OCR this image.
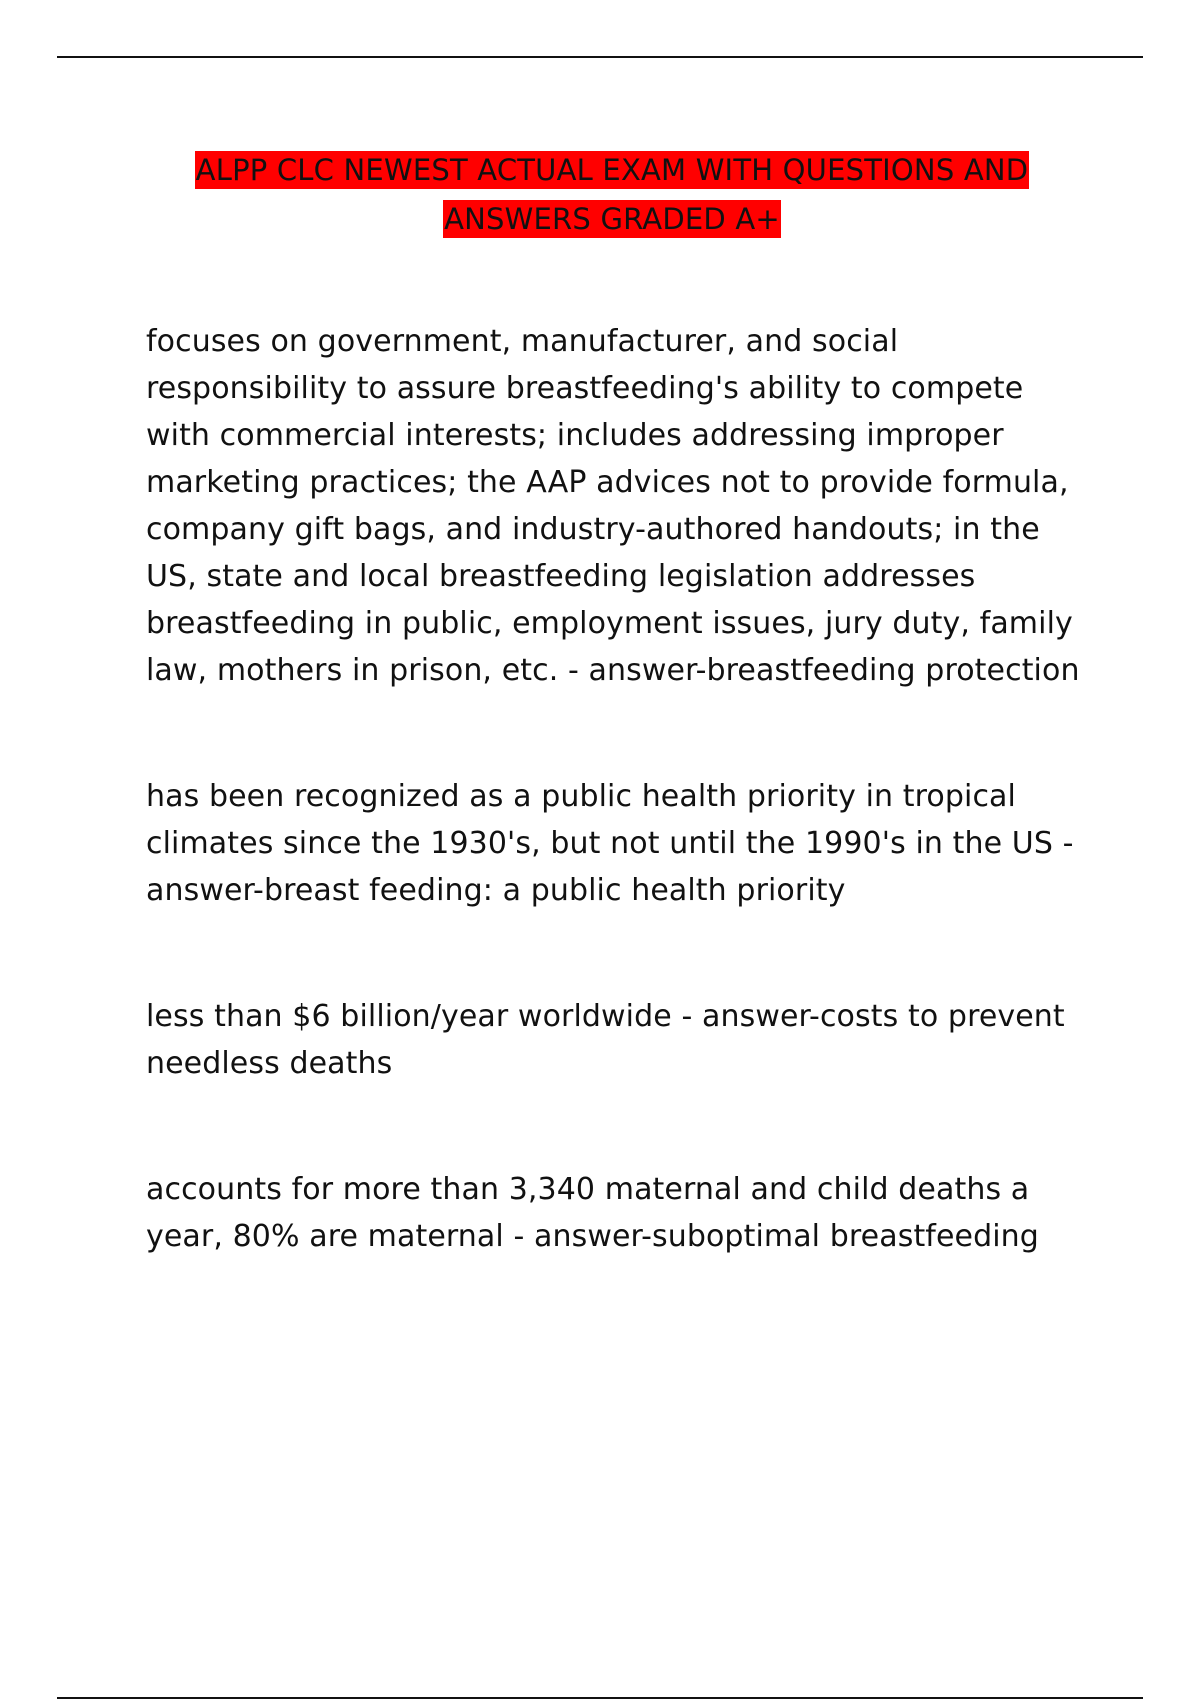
ALPP CLC NEWEST ACTUAL EXAM WITH QUESTIONS AND ANSWERS GRADED A+

focuses on government, manufacturer, and social responsibility to assure breastfeeding's ability to compete with commercial interests; includes addressing improper marketing practices; the AAP advices not to provide formula, company gift bags, and industry-authored handouts; in the US, state and local breastfeeding legislation addresses breastfeeding in public, employment issues, jury duty, family law, mothers in prison, etc. - answer-breastfeeding protection

has been recognized as a public health priority in tropical climates since the 1930's, but not until the 1990's in the US - answer-breast feeding: a public health priority

less than $6 billion/year worldwide - answer-costs to prevent needless deaths

accounts for more than 3,340 maternal and child deaths a year, 80% are maternal - answer-suboptimal breastfeeding
